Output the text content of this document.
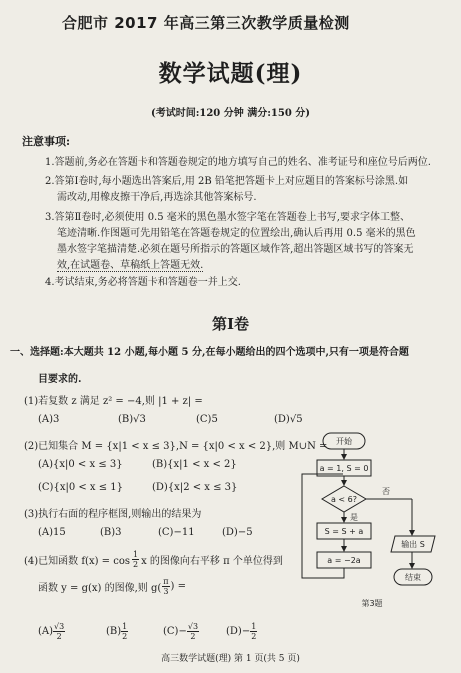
合肥市 2017 年高三第三次教学质量检测
数学试题(理)
(考试时间:120 分钟 满分:150 分)
注意事项:
1.答题前,务必在答题卡和答题卷规定的地方填写自己的姓名、准考证号和座位号后两位.
2.答第Ⅰ卷时,每小题选出答案后,用 2B 铅笔把答题卡上对应题目的答案标号涂黑.如
需改动,用橡皮擦干净后,再选涂其他答案标号.
3.答第Ⅱ卷时,必须使用 0.5 毫米的黑色墨水签字笔在答题卷上书写,要求字体工整、
笔迹清晰.作图题可先用铅笔在答题卷规定的位置绘出,确认后再用 0.5 毫米的黑色
墨水签字笔描清楚.必须在题号所指示的答题区域作答,超出答题区域书写的答案无
效,在试题卷、草稿纸上答题无效.
4.考试结束,务必将答题卡和答题卷一并上交.
第Ⅰ卷
一、选择题:本大题共 12 小题,每小题 5 分,在每小题给出的四个选项中,只有一项是符合题
目要求的.
(1)若复数 z 满足 z² = −4,则 |1 + z| =
(A)3	(B)√3	(C)5	(D)√5
(2)已知集合 M = {x|1 < x ≤ 3},N = {x|0 < x < 2},则 M∪N =
(A){x|0 < x ≤ 3}	(B){x|1 < x < 2}
(C){x|0 < x ≤ 1}	(D){x|2 < x ≤ 3}
(3)执行右面的程序框图,则输出的结果为
(A)15	(B)3	(C)−11	(D)−5
(4)已知函数 $f(x) = \cos \frac{1}{2}$ x 的图像向右平移 π 个单位得到
函数 y = g(x) 的图像,则 $g( \frac{\pi}{3}$ ) =
$(A) \frac{√3}{2}$	$(B) \frac{1}{2}$	$(C)- \frac{√3}{2}$	$(D)- \frac{1}{2}$
开始
a = 1, S = 0
a < 6?
是
否
S = S + a
a = −2a
输出 S
结束
第3题
高三数学试题(理) 第 1 页(共 5 页)
